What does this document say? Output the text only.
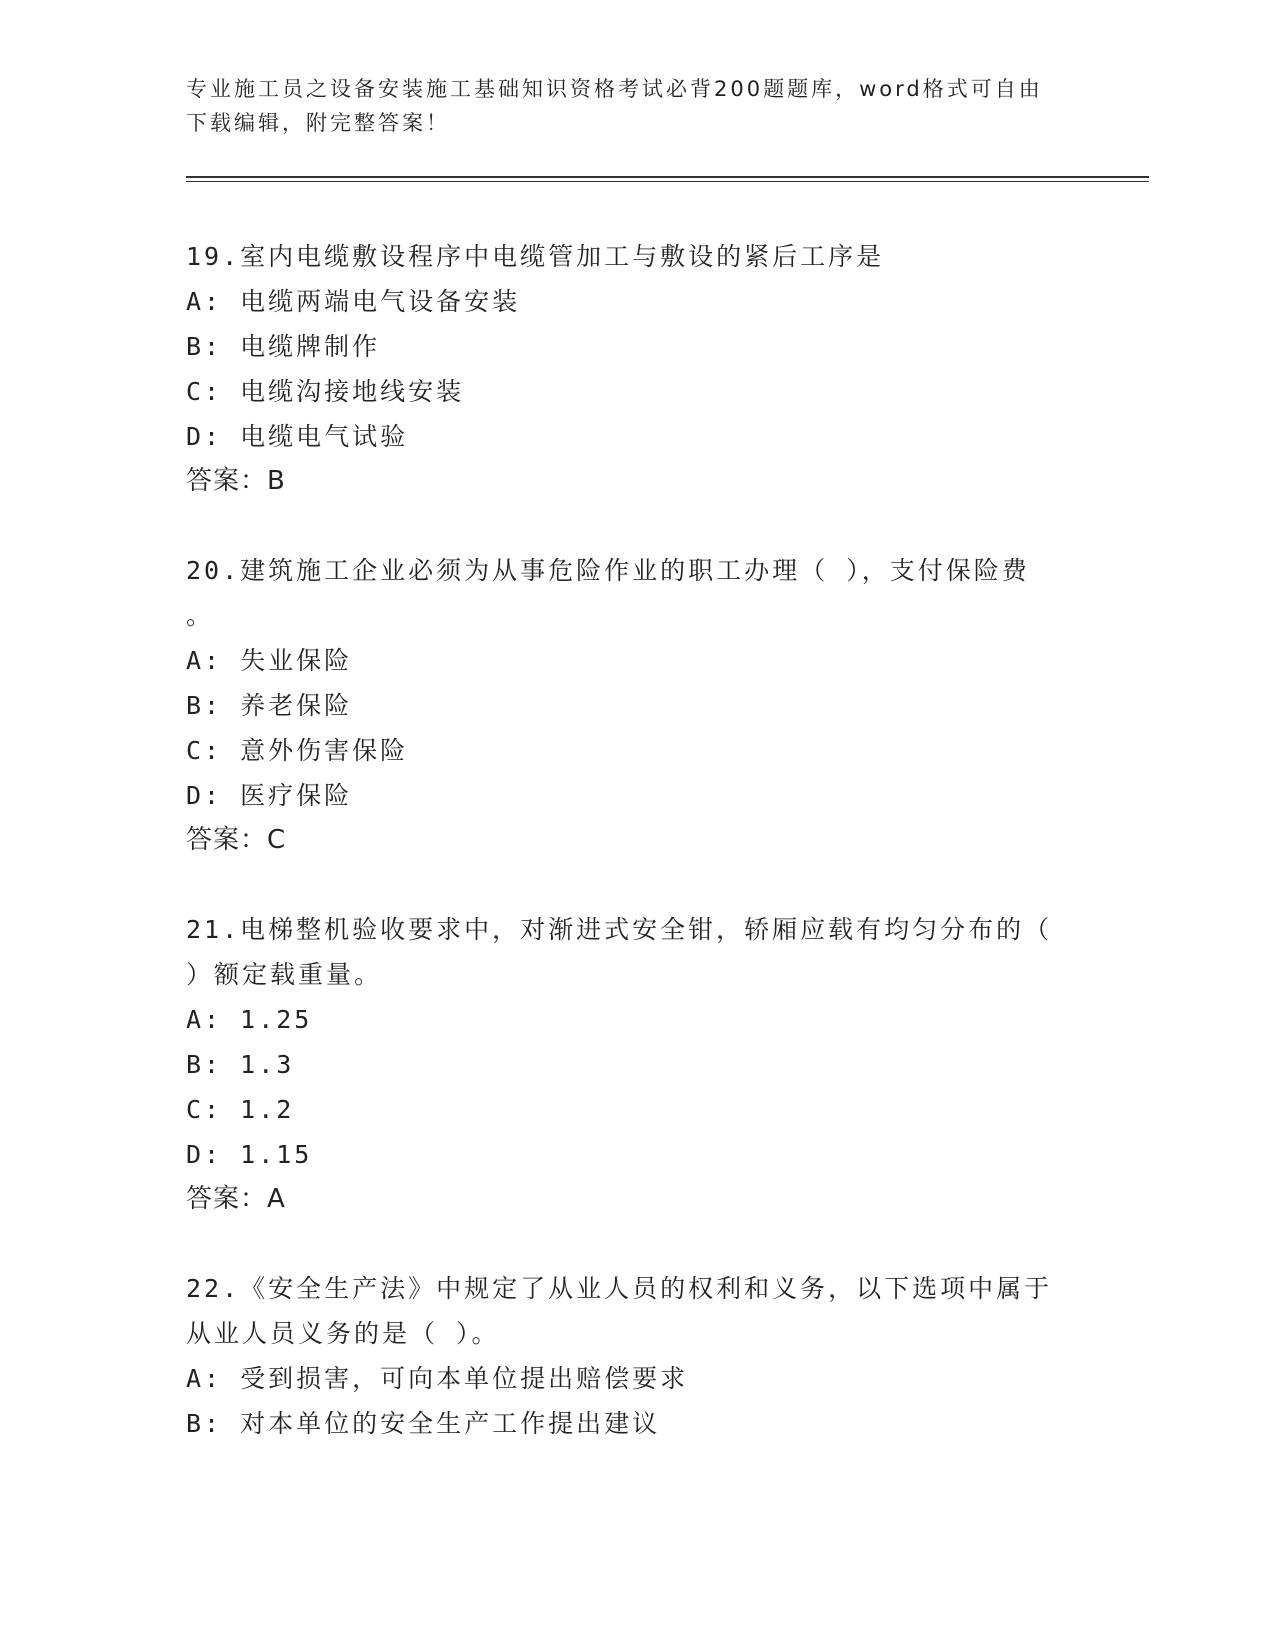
专业施工员之设备安装施工基础知识资格考试必背200题题库，word格式可自由
下载编辑，附完整答案！
19.室内电缆敷设程序中电缆管加工与敷设的紧后工序是
A: 电缆两端电气设备安装
B: 电缆牌制作
C: 电缆沟接地线安装
D: 电缆电气试验
答案：B
20.建筑施工企业必须为从事危险作业的职工办理（ ），支付保险费
。
A: 失业保险
B: 养老保险
C: 意外伤害保险
D: 医疗保险
答案：C
21.电梯整机验收要求中，对渐进式安全钳，轿厢应载有均匀分布的（
）额定载重量。
A: 1.25
B: 1.3
C: 1.2
D: 1.15
答案：A
22.《安全生产法》中规定了从业人员的权利和义务，以下选项中属于
从业人员义务的是（ ）。
A: 受到损害，可向本单位提出赔偿要求
B: 对本单位的安全生产工作提出建议
